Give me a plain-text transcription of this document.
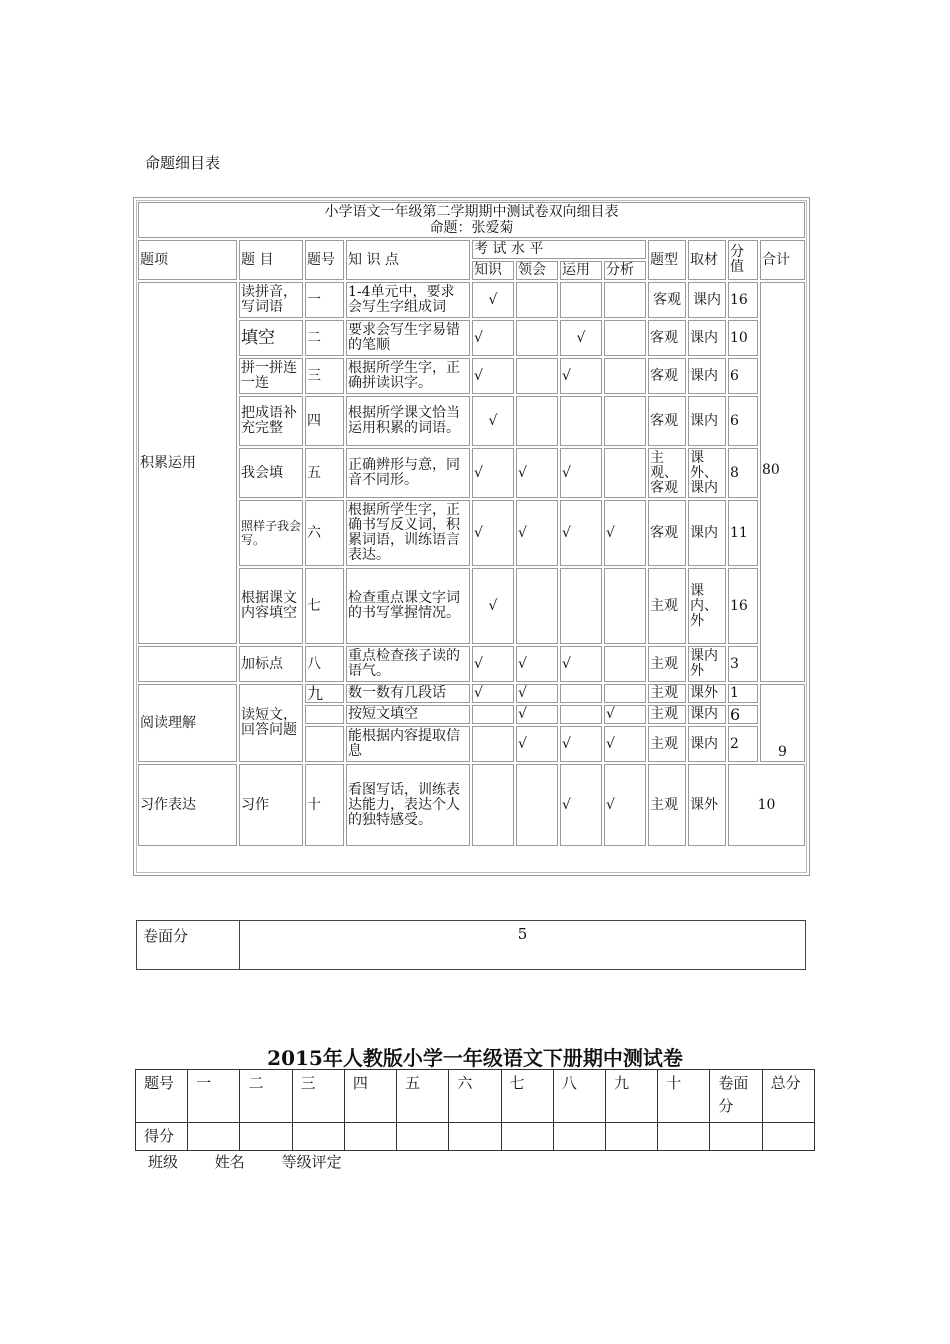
命题细目表
小学语文一年级第二学期期中测试卷双向细目表
命题：张爱菊											

题项	题 目	题号	知 识 点	考 试 水 平				题型	取材	分值	合计
				知识	领会	运用	分析				
积累运用	读拼音，写词语	一	1-4单元中，要求会写生字组成词	√				客观	课内	16	80
	填空	二	要求会写生字易错的笔顺	√		√		客观	课内	10	
	拼一拼连一连	三	根据所学生字，正确拼读识字。	√		√		客观	课内	6	
	把成语补充完整	四	根据所学课文恰当运用积累的词语。	√				客观	课内	6	
	我会填	五	正确辨形与意，同音不同形。	√	√	√		主观、客观	课外、课内	8	
	照样子我会写。	六	根据所学生字，正确书写反义词，积累词语，训练语言表达。	√	√	√	√	客观	课内	11	
	根据课文内容填空	七	检查重点课文字词的书写掌握情况。	√				主观	课内、外	16	
	加标点	八	重点检查孩子读的语气。	√	√	√		主观	课内外	3	
阅读理解	读短文，回答问题	九	数一数有几段话	√	√			主观	课外	1	9
			按短文填空		√		√	主观	课内	6	
			能根据内容提取信息		√	√	√	主观	课内	2	
习作表达	习作	十	看图写话，训练表达能力，表达个人的独特感受。			√	√	主观	课外	10	
卷面分	5
2015年人教版小学一年级语文下册期中测试卷
题号	一	二	三	四	五	六	七	八	九	十	卷面分	总分
得分												
班级 姓名 等级评定
